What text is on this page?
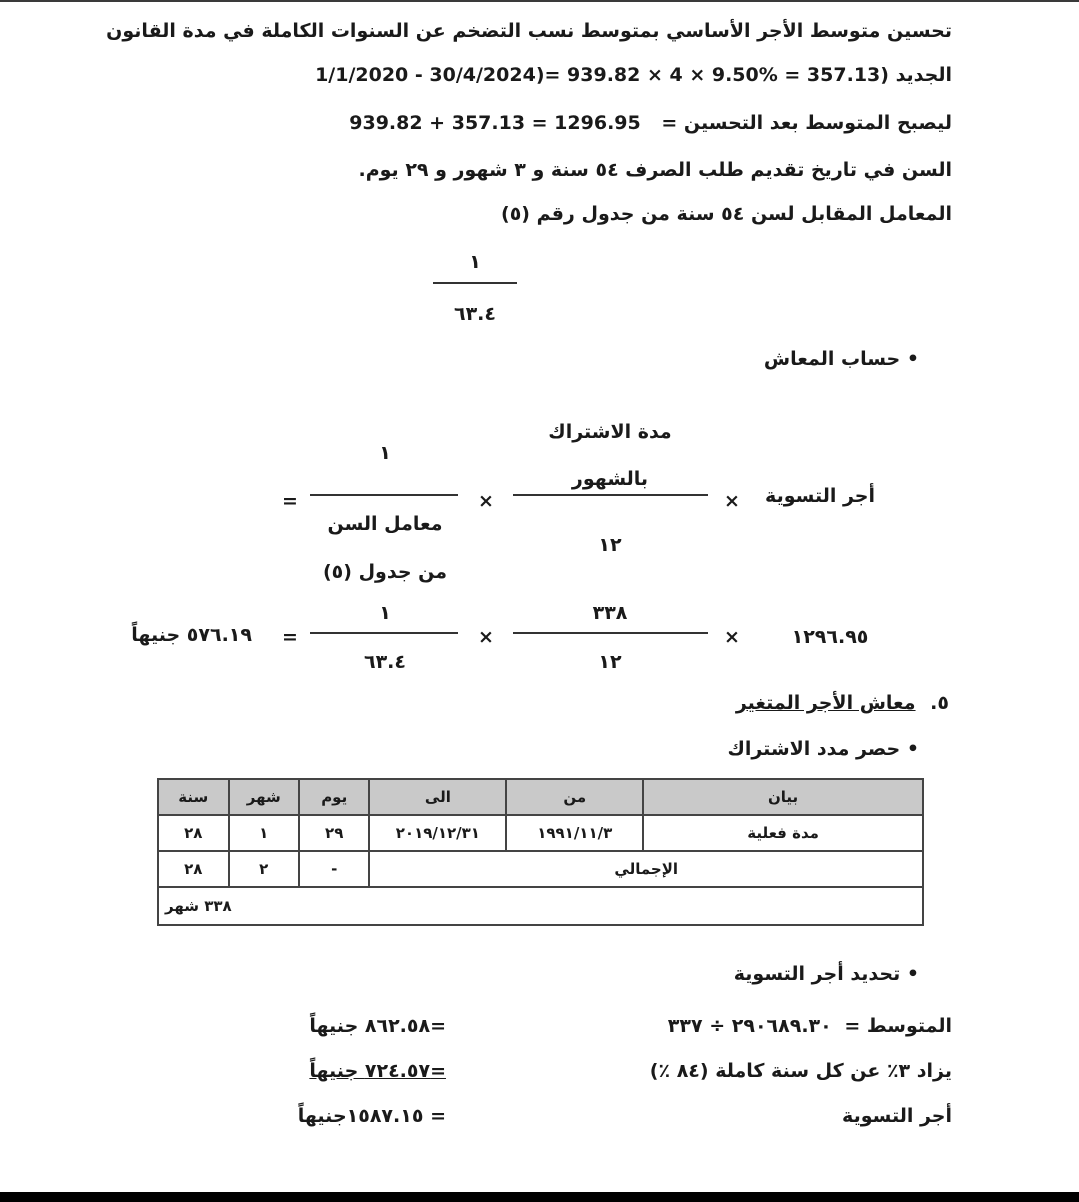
تحسين متوسط الأجر الأساسي بمتوسط نسب التضخم عن السنوات الكاملة في مدة القانون
الجديد (1/1/2020 - 30/4/2024)= 939.82 × 4 × 9.50% = 357.13
ليصبح المتوسط بعد التحسين = 939.82 + 357.13 = 1296.95
السن في تاريخ تقديم طلب الصرف ٥٤ سنة و ٣ شهور و ٢٩ يوم.
المعامل المقابل لسن ٥٤ سنة من جدول رقم (٥)
١
٦٣.٤
• حساب المعاش
مدة الاشتراك
بالشهور
١٢
١
معامل السن
من جدول (٥)
أجر التسوية
×
×
=
٣٣٨
١٢
١
٦٣.٤
١٢٩٦.٩٥
×
×
=
٥٧٦.١٩ جنيهاً
٥. معاش الأجر المتغير
• حصر مدد الاشتراك
بيان	من	الى	يوم	شهر	سنة
مدة فعلية	١٩٩١/١١/٣	٢٠١٩/١٢/٣١	٢٩	١	٢٨
الإجمالي			-	٢	٢٨

٣٣٨ شهر					
• تحديد أجر التسوية
المتوسط = ٢٩٠٦٨٩.٣٠ ÷ ٣٣٧
=٨٦٢.٥٨ جنيهاً
يزاد ٣٪ عن كل سنة كاملة (٨٤ ٪)
=٧٢٤.٥٧ جنيهاً
أجر التسوية
= ١٥٨٧.١٥جنيهاً
